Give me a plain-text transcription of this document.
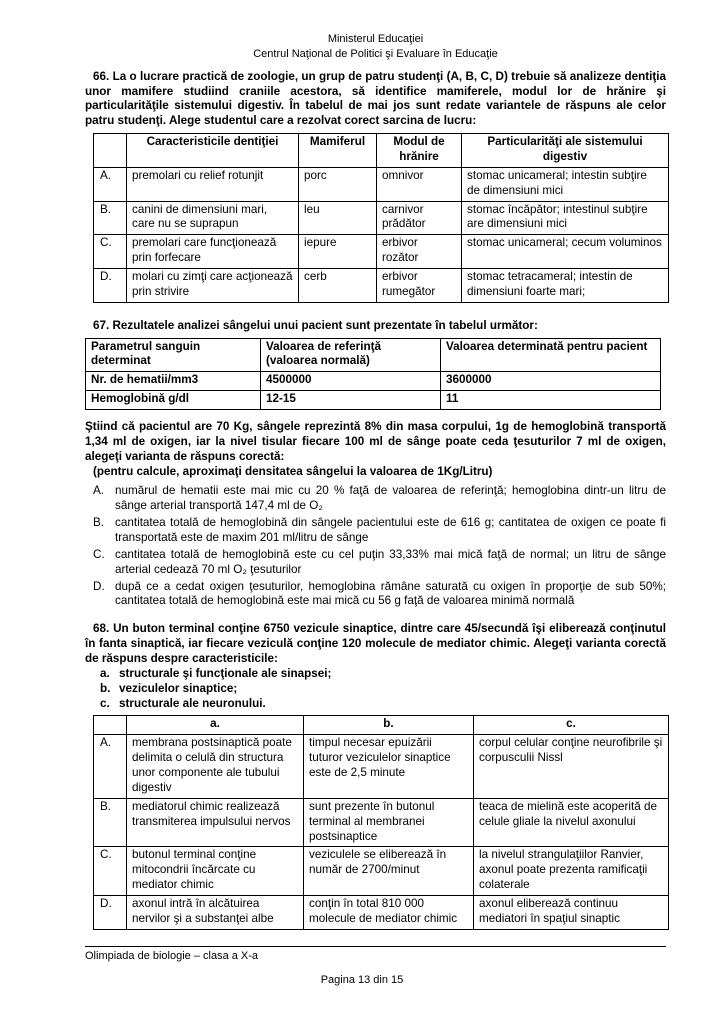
Ministerul Educaţiei
Centrul Naţional de Politici şi Evaluare în Educaţie
66. La o lucrare practică de zoologie, un grup de patru studenţi (A, B, C, D) trebuie să analizeze dentiţia unor mamifere studiind craniile acestora, să identifice mamiferele, modul lor de hrănire şi particularităţile sistemului digestiv. În tabelul de mai jos sunt redate variantele de răspuns ale celor patru studenţi. Alege studentul care a rezolvat corect sarcina de lucru:
	Caracteristicile dentiţiei	Mamiferul	Modul de hrănire	Particularităţi ale sistemului digestiv
A.	premolari cu relief rotunjit	porc	omnivor	stomac unicameral; intestin subţire de dimensiuni mici
B.	canini de dimensiuni mari, care nu se suprapun	leu	carnivor prădător	stomac încăpător; intestinul subţire are dimensiuni mici
C.	premolari care funcţionează prin forfecare	iepure	erbivor rozător	stomac unicameral; cecum voluminos
D.	molari cu zimţi care acţionează prin strivire	cerb	erbivor rumegător	stomac tetracameral; intestin de dimensiuni foarte mari;
67. Rezultatele analizei sângelui unui pacient sunt prezentate în tabelul următor:
Parametrul sanguin determinat	Valoarea de referinţă (valoarea normală)	Valoarea determinată pentru pacient
Nr. de hematii/mm3	4500000	3600000
Hemoglobină g/dl	12-15	11
Ştiind că pacientul are 70 Kg, sângele reprezintă 8% din masa corpului, 1g de hemoglobină transportă 1,34 ml de oxigen, iar la nivel tisular fiecare 100 ml de sânge poate ceda ţesuturilor 7 ml de oxigen, alegeţi varianta de răspuns corectă:
(pentru calcule, aproximaţi densitatea sângelui la valoarea de 1Kg/Litru)
A. numărul de hematii este mai mic cu 20 % faţă de valoarea de referinţă; hemoglobina dintr-un litru de sânge arterial transportă 147,4 ml de O₂
B. cantitatea totală de hemoglobină din sângele pacientului este de 616 g; cantitatea de oxigen ce poate fi transportată este de maxim 201 ml/litru de sânge
C. cantitatea totală de hemoglobină este cu cel puţin 33,33% mai mică faţă de normal; un litru de sânge arterial cedează 70 ml O₂ ţesuturilor
D. după ce a cedat oxigen ţesuturilor, hemoglobina rămâne saturată cu oxigen în proporţie de sub 50%; cantitatea totală de hemoglobină este mai mică cu 56 g faţă de valoarea minimă normală
68. Un buton terminal conţine 6750 vezicule sinaptice, dintre care 45/secundă îşi eliberează conţinutul în fanta sinaptică, iar fiecare veziculă conţine 120 molecule de mediator chimic. Alegeţi varianta corectă de răspuns despre caracteristicile:
a. structurale şi funcţionale ale sinapsei;
b. veziculelor sinaptice;
c. structurale ale neuronului.
	a.	b.	c.
A.	membrana postsinaptică poate delimita o celulă din structura unor componente ale tubului digestiv	timpul necesar epuizării tuturor veziculelor sinaptice este de 2,5 minute	corpul celular conţine neurofibrile şi corpusculii Nissl
B.	mediatorul chimic realizează transmiterea impulsului nervos	sunt prezente în butonul terminal al membranei postsinaptice	teaca de mielină este acoperită de celule gliale la nivelul axonului
C.	butonul terminal conţine mitocondrii încărcate cu mediator chimic	veziculele se eliberează în număr de 2700/minut	la nivelul strangulaţiilor Ranvier, axonul poate prezenta ramificaţii colaterale
D.	axonul intră în alcătuirea nervilor şi a substanţei albe	conţin în total 810 000 molecule de mediator chimic	axonul eliberează continuu mediatori în spaţiul sinaptic
Olimpiada de biologie – clasa a X-a
Pagina 13 din 15
